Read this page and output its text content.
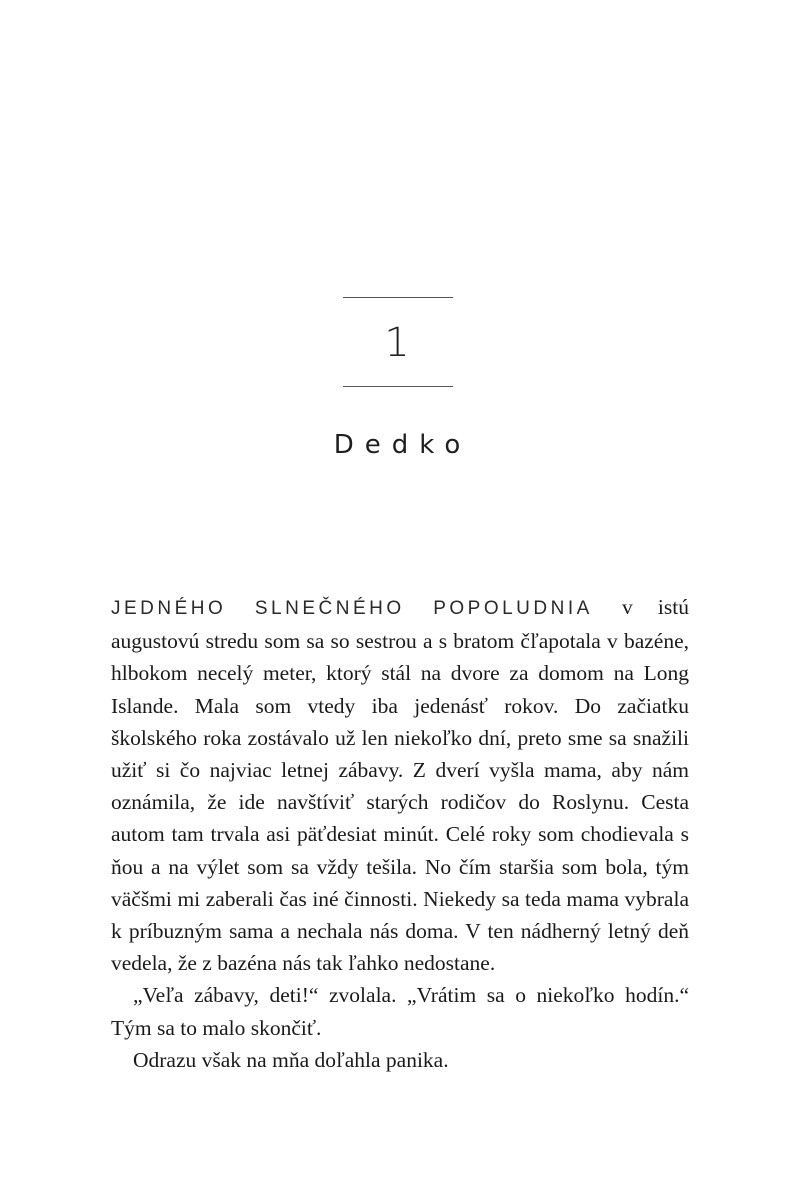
1
Dedko

JEDNÉHO SLNEČNÉHO POPOLUDNIA v istú augustovú stredu som sa so sestrou a s bratom čľapotala v bazéne, hlbokom necelý meter, ktorý stál na dvore za domom na Long Islande. Mala som vtedy iba jedenásť rokov. Do začiatku školského roka zostávalo už len niekoľko dní, preto sme sa snažili užiť si čo najviac letnej zábavy. Z dverí vyšla mama, aby nám oznámila, že ide navštíviť starých rodičov do Roslynu. Cesta autom tam trvala asi päťdesiat minút. Celé roky som chodievala s ňou a na výlet som sa vždy tešila. No čím staršia som bola, tým väčšmi mi zaberali čas iné činnosti. Niekedy sa teda mama vybrala k príbuzným sama a nechala nás doma. V ten nádherný letný deň vedela, že z bazéna nás tak ľahko nedostane.

„Veľa zábavy, deti!“ zvolala. „Vrátim sa o niekoľko hodín.“ Tým sa to malo skončiť.

Odrazu však na mňa doľahla panika.
